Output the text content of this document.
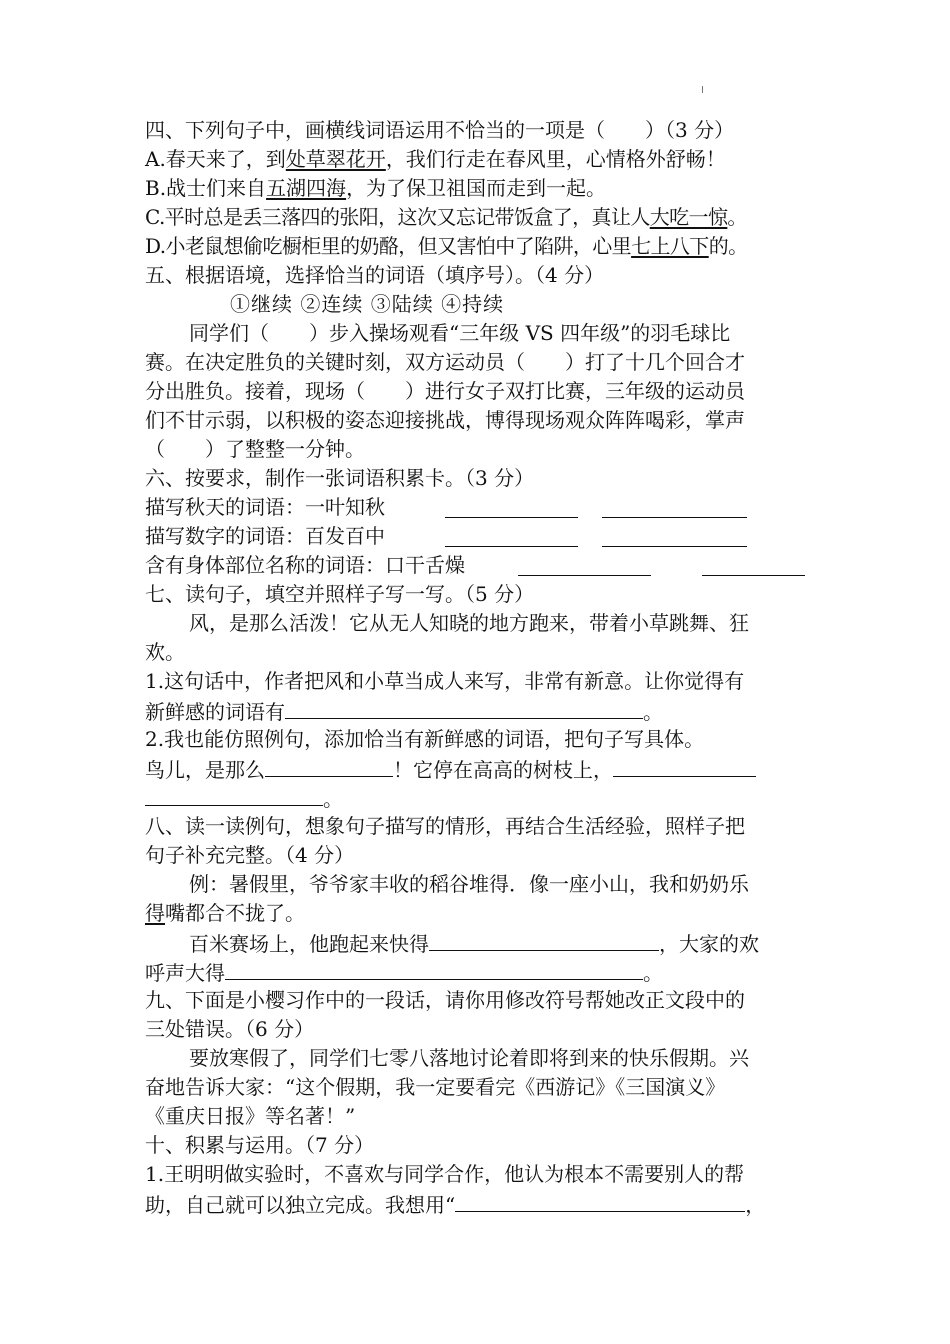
四、下列句子中，画横线词语运用不恰当的一项是（　　）（3 分）
A.春天来了，到处草翠花开，我们行走在春风里，心情格外舒畅！
B.战士们来自五湖四海，为了保卫祖国而走到一起。
C.平时总是丢三落四的张阳，这次又忘记带饭盒了，真让人大吃一惊。
D.小老鼠想偷吃橱柜里的奶酪，但又害怕中了陷阱，心里七上八下的。
五、根据语境，选择恰当的词语（填序号）。（4 分）
①继续 ②连续 ③陆续 ④持续
同学们（　　）步入操场观看“三年级 VS 四年级”的羽毛球比
赛。在决定胜负的关键时刻，双方运动员（　　）打了十几个回合才
分出胜负。接着，现场（　　）进行女子双打比赛，三年级的运动员
们不甘示弱，以积极的姿态迎接挑战，博得现场观众阵阵喝彩，掌声
（　　）了整整一分钟。
六、按要求，制作一张词语积累卡。（3 分）
描写秋天的词语：一叶知秋
描写数字的词语：百发百中
含有身体部位名称的词语：口干舌燥
七、读句子，填空并照样子写一写。（5 分）
风，是那么活泼！它从无人知晓的地方跑来，带着小草跳舞、狂
欢。
1.这句话中，作者把风和小草当成人来写，非常有新意。让你觉得有
新鲜感的词语有	。
2.我也能仿照例句，添加恰当有新鲜感的词语，把句子写具体。
鸟儿，是那么	！它停在高高的树枝上，
。
八、读一读例句，想象句子描写的情形，再结合生活经验，照样子把
句子补充完整。（4 分）
例：暑假里，爷爷家丰收的稻谷堆得．像一座小山，我和奶奶乐
得嘴都合不拢了。
百米赛场上，他跑起来快得	，大家的欢
呼声大得	。
九、下面是小樱习作中的一段话，请你用修改符号帮她改正文段中的
三处错误。（6 分）
要放寒假了，同学们七零八落地讨论着即将到来的快乐假期。兴
奋地告诉大家：“这个假期，我一定要看完《西游记》《三国演义》
《重庆日报》等名著！”
十、积累与运用。（7 分）
1.王明明做实验时，不喜欢与同学合作，他认为根本不需要别人的帮
助，自己就可以独立完成。我想用“	，
